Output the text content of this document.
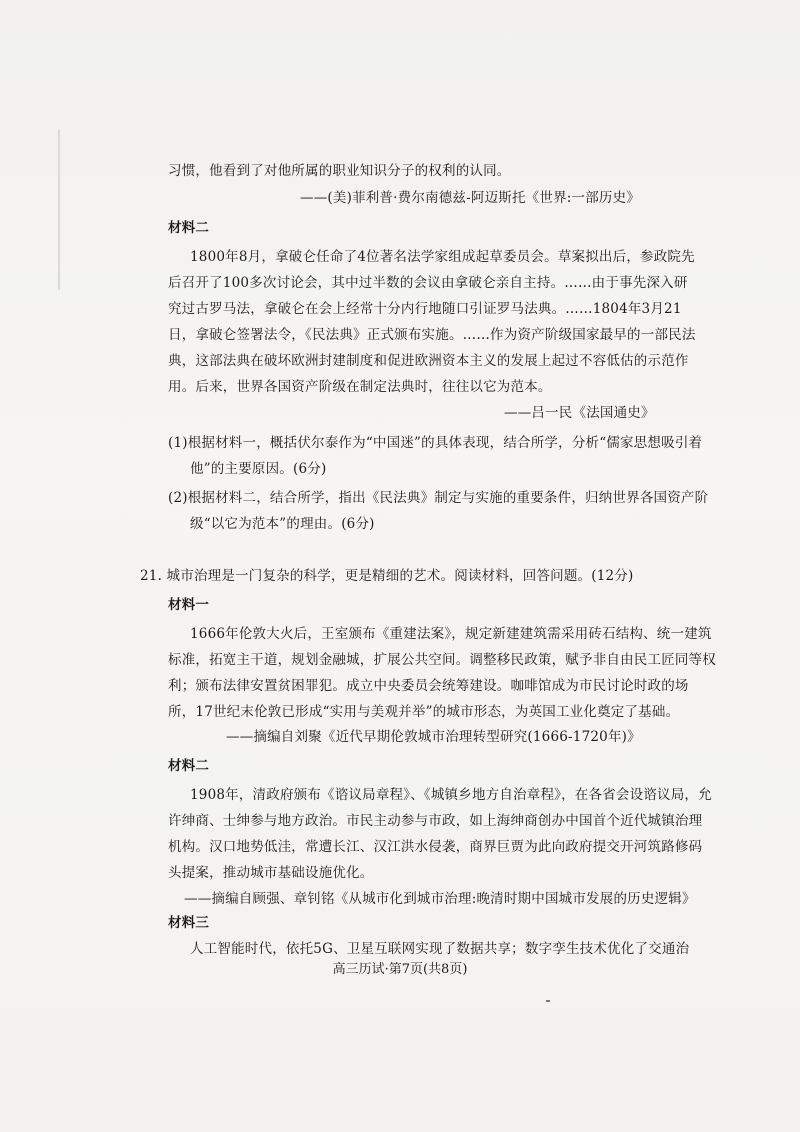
习惯，他看到了对他所属的职业知识分子的权利的认同。
——(美)菲利普·费尔南德兹-阿迈斯托《世界:一部历史》
材料二
1800年8月，拿破仑任命了4位著名法学家组成起草委员会。草案拟出后，参政院先
后召开了100多次讨论会，其中过半数的会议由拿破仑亲自主持。……由于事先深入研
究过古罗马法，拿破仑在会上经常十分内行地随口引证罗马法典。……1804年3月21
日，拿破仑签署法令，《民法典》正式颁布实施。……作为资产阶级国家最早的一部民法
典，这部法典在破坏欧洲封建制度和促进欧洲资本主义的发展上起过不容低估的示范作
用。后来，世界各国资产阶级在制定法典时，往往以它为范本。
——吕一民《法国通史》
(1)根据材料一，概括伏尔泰作为“中国迷”的具体表现，结合所学，分析“儒家思想吸引着
他”的主要原因。(6分)
(2)根据材料二，结合所学，指出《民法典》制定与实施的重要条件，归纳世界各国资产阶
级“以它为范本”的理由。(6分)
21. 城市治理是一门复杂的科学，更是精细的艺术。阅读材料，回答问题。(12分)
材料一
1666年伦敦大火后，王室颁布《重建法案》，规定新建建筑需采用砖石结构、统一建筑
标准，拓宽主干道，规划金融城，扩展公共空间。调整移民政策，赋予非自由民工匠同等权
利；颁布法律安置贫困罪犯。成立中央委员会统筹建设。咖啡馆成为市民讨论时政的场
所，17世纪末伦敦已形成“实用与美观并举”的城市形态，为英国工业化奠定了基础。
——摘编自刘聚《近代早期伦敦城市治理转型研究(1666-1720年)》
材料二
1908年，清政府颁布《谘议局章程》、《城镇乡地方自治章程》，在各省会设谘议局，允
许绅商、士绅参与地方政治。市民主动参与市政，如上海绅商创办中国首个近代城镇治理
机构。汉口地势低洼，常遭长江、汉江洪水侵袭，商界巨贾为此向政府提交开河筑路修码
头提案，推动城市基础设施优化。
——摘编自顾强、章钊铭《从城市化到城市治理:晚清时期中国城市发展的历史逻辑》
材料三
人工智能时代，依托5G、卫星互联网实现了数据共享；数字孪生技术优化了交通治
高三历试·第7页(共8页)
